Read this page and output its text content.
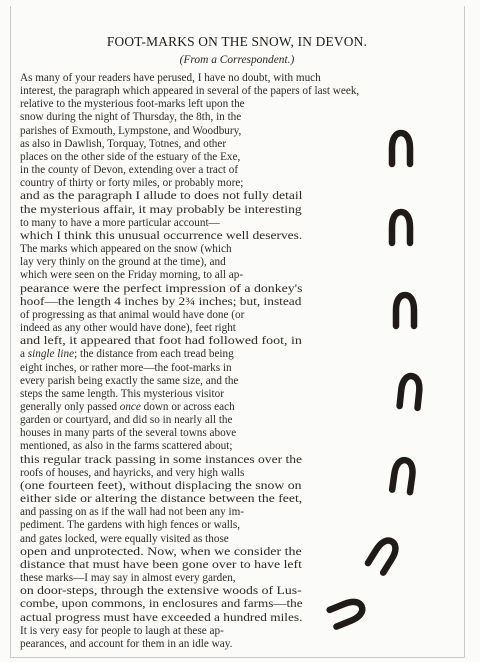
FOOT-MARKS ON THE SNOW, IN DEVON.
(From a Correspondent.)
As many of your readers have perused, I have no doubt, with much
interest, the paragraph which appeared in several of the papers of last week,
relative to the mysterious foot-marks left upon the
snow during the night of Thursday, the 8th, in the
parishes of Exmouth, Lympstone, and Woodbury,
as also in Dawlish, Torquay, Totnes, and other
places on the other side of the estuary of the Exe,
in the county of Devon, extending over a tract of
country of thirty or forty miles, or probably more;
and as the paragraph I allude to does not fully detail
the mysterious affair, it may probably be interesting
to many to have a more particular account—
which I think this unusual occurrence well deserves.
The marks which appeared on the snow (which
lay very thinly on the ground at the time), and
which were seen on the Friday morning, to all ap-
pearance were the perfect impression of a donkey's
hoof—the length 4 inches by 2¾ inches; but, instead
of progressing as that animal would have done (or
indeed as any other would have done), feet right
and left, it appeared that foot had followed foot, in
a single line; the distance from each tread being
eight inches, or rather more—the foot-marks in
every parish being exactly the same size, and the
steps the same length. This mysterious visitor
generally only passed once down or across each
garden or courtyard, and did so in nearly all the
houses in many parts of the several towns above
mentioned, as also in the farms scattered about;
this regular track passing in some instances over the
roofs of houses, and hayricks, and very high walls
(one fourteen feet), without displacing the snow on
either side or altering the distance between the feet,
and passing on as if the wall had not been any im-
pediment. The gardens with high fences or walls,
and gates locked, were equally visited as those
open and unprotected. Now, when we consider the
distance that must have been gone over to have left
these marks—I may say in almost every garden,
on door-steps, through the extensive woods of Lus-
combe, upon commons, in enclosures and farms—the
actual progress must have exceeded a hundred miles.
It is very easy for people to laugh at these ap-
pearances, and account for them in an idle way.
